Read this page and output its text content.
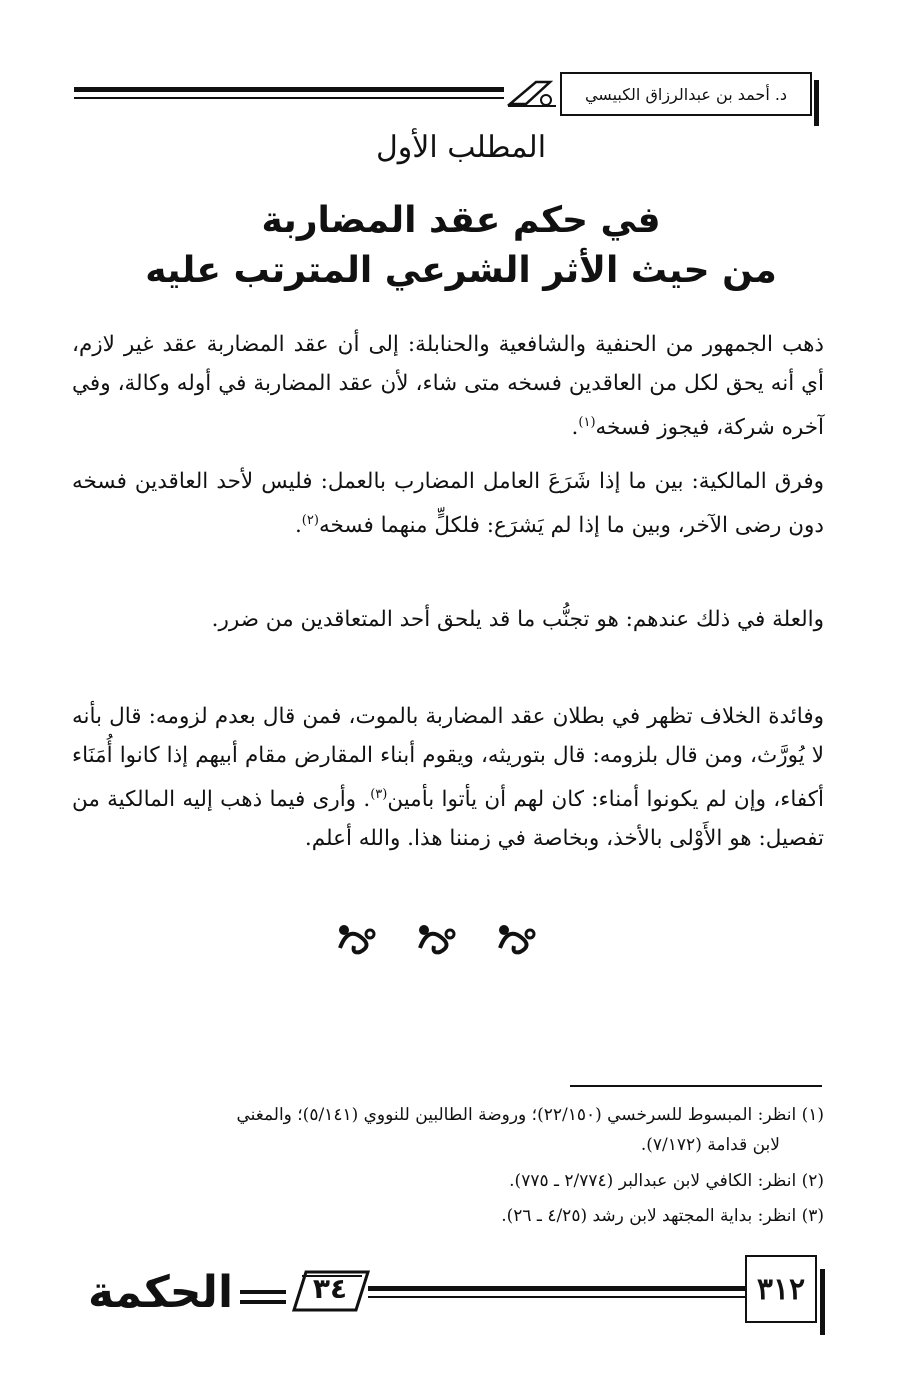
د. أحمد بن عبدالرزاق الكبيسي
المطلب الأول
في حكم عقد المضاربة
من حيث الأثر الشرعي المترتب عليه
ذهب الجمهور من الحنفية والشافعية والحنابلة: إلى أن عقد المضاربة عقد غير لازم، أي أنه يحق لكل من العاقدين فسخه متى شاء، لأن عقد المضاربة في أوله وكالة، وفي آخره شركة، فيجوز فسخه$^{(١)}$.
وفرق المالكية: بين ما إذا شَرَعَ العامل المضارب بالعمل: فليس لأحد العاقدين فسخه دون رضى الآخر، وبين ما إذا لم يَشرَع: فلكلٍّ منهما فسخه$^{(٢)}$.
والعلة في ذلك عندهم: هو تجنُّب ما قد يلحق أحد المتعاقدين من ضرر.
وفائدة الخلاف تظهر في بطلان عقد المضاربة بالموت، فمن قال بعدم لزومه: قال بأنه لا يُورَّث، ومن قال بلزومه: قال بتوريثه، ويقوم أبناء المقارض مقام أبيهم إذا كانوا أُمَنَاء أكفاء، وإن لم يكونوا أمناء: كان لهم أن يأتوا بأمين$^{(٣)}$. وأرى فيما ذهب إليه المالكية من تفصيل: هو الأَوْلى بالأخذ، وبخاصة في زمننا هذا. والله أعلم.
(١) انظر: المبسوط للسرخسي (٢٢/١٥٠)؛ وروضة الطالبين للنووي (٥/١٤١)؛ والمغني
لابن قدامة (٧/١٧٢).
(٢) انظر: الكافي لابن عبدالبر (٢/٧٧٤ ـ ٧٧٥).
(٣) انظر: بداية المجتهد لابن رشد (٤/٢٥ ـ ٢٦).
٣١٢
٣٤
الحكمة
